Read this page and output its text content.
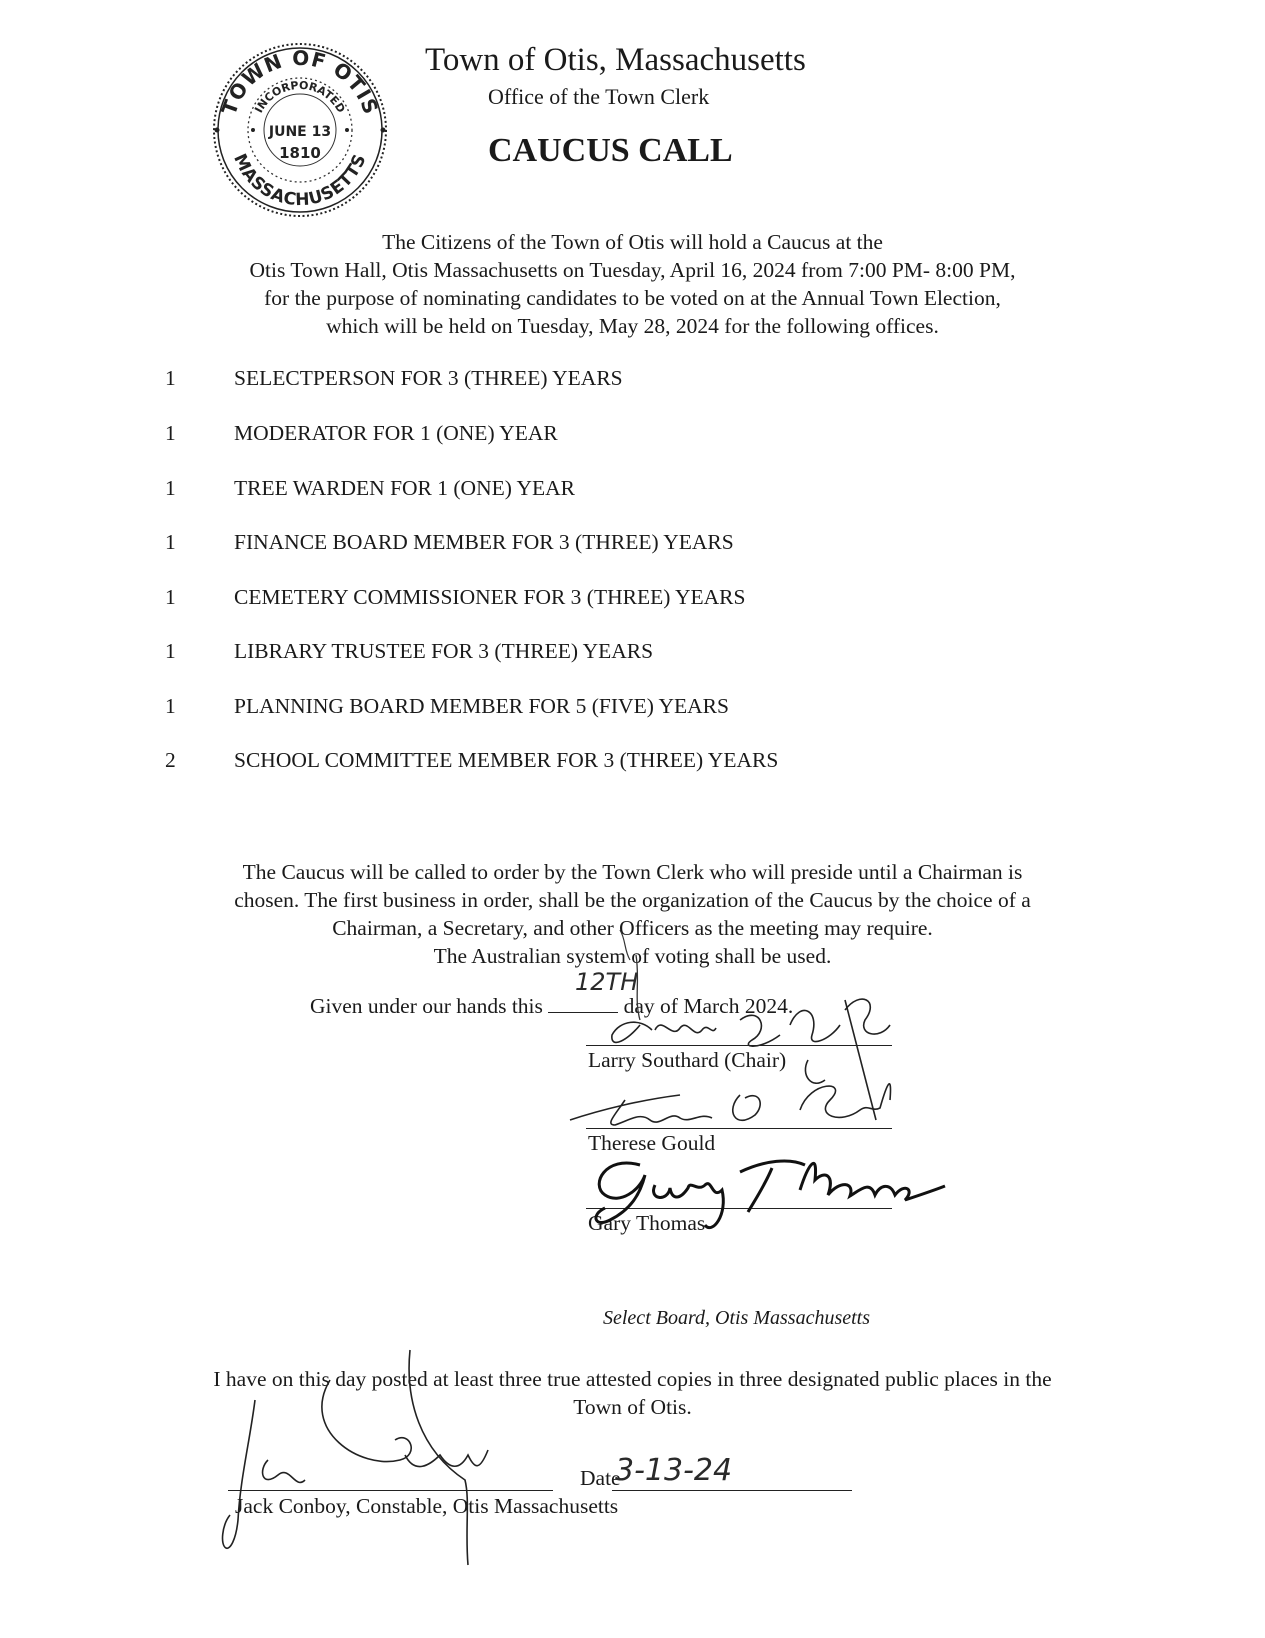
TOWN OF OTIS
MASSACHUSETTS
INCORPORATED
JUNE 13
1810
Town of Otis, Massachusetts
Office of the Town Clerk
CAUCUS CALL
The Citizens of the Town of Otis will hold a Caucus at the
Otis Town Hall, Otis Massachusetts on Tuesday, April 16, 2024 from 7:00 PM- 8:00 PM,
for the purpose of nominating candidates to be voted on at the Annual Town Election,
which will be held on Tuesday, May 28, 2024 for the following offices.
1	SELECTPERSON FOR 3 (THREE) YEARS
1	MODERATOR FOR 1 (ONE) YEAR
1	TREE WARDEN FOR 1 (ONE) YEAR
1	FINANCE BOARD MEMBER FOR 3 (THREE) YEARS
1	CEMETERY COMMISSIONER FOR 3 (THREE) YEARS
1	LIBRARY TRUSTEE FOR 3 (THREE) YEARS
1	PLANNING BOARD MEMBER FOR 5 (FIVE) YEARS
2	SCHOOL COMMITTEE MEMBER FOR 3 (THREE) YEARS
The Caucus will be called to order by the Town Clerk who will preside until a Chairman is
chosen. The first business in order, shall be the organization of the Caucus by the choice of a
Chairman, a Secretary, and other Officers as the meeting may require.
The Australian system of voting shall be used.
Given under our hands this	day of March 2024.
Larry Southard (Chair)
Therese Gould
Gary Thomas
Select Board, Otis Massachusetts
I have on this day posted at least three true attested copies in three designated public places in the
Town of Otis.
Date
Jack Conboy, Constable, Otis Massachusetts
12TH
3-13-24
